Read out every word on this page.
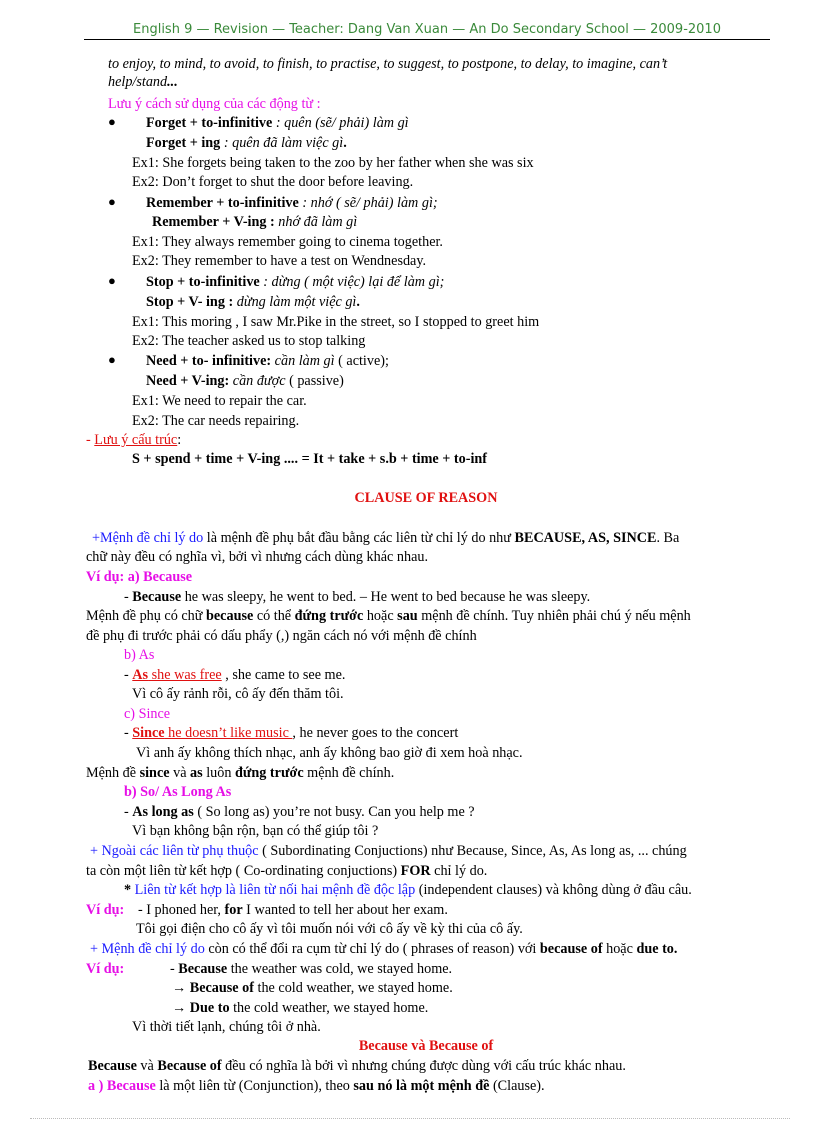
English 9 — Revision — Teacher: Dang Van Xuan — An Do Secondary School — 2009-2010
to enjoy, to mind, to avoid, to finish, to practise, to suggest, to postpone, to delay, to imagine, can’t
help/stand...
Lưu ý cách sử dụng của các động từ :
● Forget + to-infinitive : quên (sẽ/ phải) làm gì
Forget + ing : quên đã làm việc gì.
Ex1: She forgets being taken to the zoo by her father when she was six
Ex2: Don’t forget to shut the door before leaving.
● Remember + to-infinitive : nhớ ( sẽ/ phải) làm gì;
Remember + V-ing : nhớ đã làm gì
Ex1: They always remember going to cinema together.
Ex2: They remember to have a test on Wendnesday.
● Stop + to-infinitive : dừng ( một việc) lại để làm gì;
Stop + V- ing : dừng làm một việc gì.
Ex1: This moring , I saw Mr.Pike in the street, so I stopped to greet him
Ex2: The teacher asked us to stop talking
● Need + to- infinitive: cần làm gì ( active);
Need + V-ing: cần được ( passive)
Ex1: We need to repair the car.
Ex2: The car needs repairing.
- Lưu ý cấu trúc:
S + spend + time + V-ing .... = It + take + s.b + time + to-inf
CLAUSE OF REASON
+Mệnh đề chỉ lý do là mệnh đề phụ bắt đầu bằng các liên từ chỉ lý do như BECAUSE, AS, SINCE. Ba
chữ này đều có nghĩa vì, bởi vì nhưng cách dùng khác nhau.
Ví dụ: a) Because
- Because he was sleepy, he went to bed. – He went to bed because he was sleepy.
Mệnh đề phụ có chữ because có thể đứng trước hoặc sau mệnh đề chính. Tuy nhiên phải chú ý nếu mệnh
đề phụ đi trước phải có dấu phẩy (,) ngăn cách nó với mệnh đề chính
b) As
- As she was free , she came to see me.
Vì cô ấy rảnh rỗi, cô ấy đến thăm tôi.
c) Since
- Since he doesn’t like music , he never goes to the concert
Vì anh ấy không thích nhạc, anh ấy không bao giờ đi xem hoà nhạc.
Mệnh đề since và as luôn đứng trước mệnh đề chính.
b) So/ As Long As
- As long as ( So long as) you’re not busy. Can you help me ?
Vì bạn không bận rộn, bạn có thể giúp tôi ?
+ Ngoài các liên từ phụ thuộc ( Subordinating Conjuctions) như Because, Since, As, As long as, ... chúng
ta còn một liên từ kết hợp ( Co-ordinating conjuctions) FOR chỉ lý do.
* Liên từ kết hợp là liên từ nối hai mệnh đề độc lập (independent clauses) và không dùng ở đầu câu.
Ví dụ: - I phoned her, for I wanted to tell her about her exam.
Tôi gọi điện cho cô ấy vì tôi muốn nói với cô ấy về kỳ thi của cô ấy.
+ Mệnh đề chỉ lý do còn có thể đổi ra cụm từ chỉ lý do ( phrases of reason) với because of hoặc due to.
Ví dụ:	- Because the weather was cold, we stayed home.
→ Because of the cold weather, we stayed home.
→ Due to the cold weather, we stayed home.
Vì thời tiết lạnh, chúng tôi ở nhà.
Because và Because of
Because và Because of đều có nghĩa là bởi vì nhưng chúng được dùng với cấu trúc khác nhau.
a ) Because là một liên từ (Conjunction), theo sau nó là một mệnh đề (Clause).
